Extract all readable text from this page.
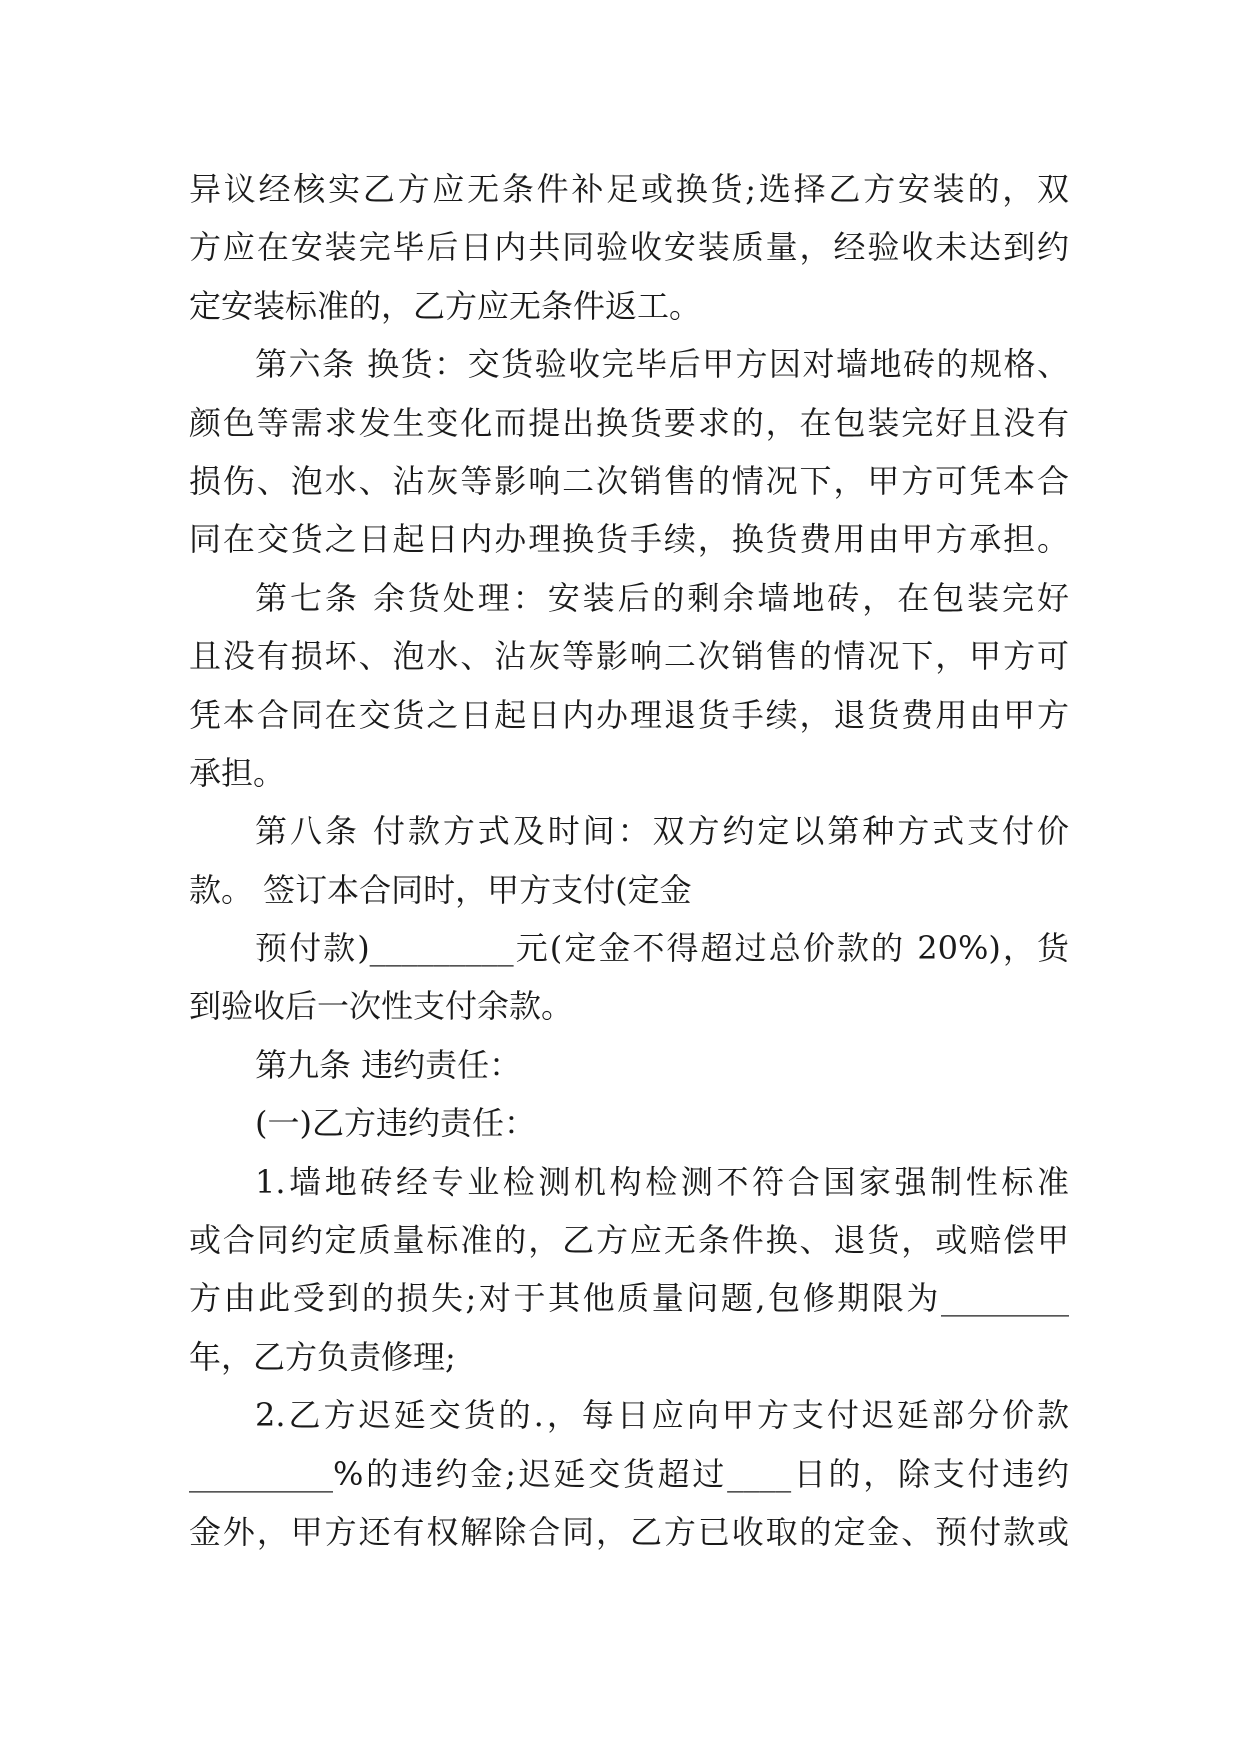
异议经核实乙方应无条件补足或换货;选择乙方安装的，双
方应在安装完毕后日内共同验收安装质量，经验收未达到约
定安装标准的，乙方应无条件返工。
第六条 换货：交货验收完毕后甲方因对墙地砖的规格、
颜色等需求发生变化而提出换货要求的，在包装完好且没有
损伤、泡水、沾灰等影响二次销售的情况下，甲方可凭本合
同在交货之日起日内办理换货手续，换货费用由甲方承担。
第七条 余货处理：安装后的剩余墙地砖，在包装完好
且没有损坏、泡水、沾灰等影响二次销售的情况下，甲方可
凭本合同在交货之日起日内办理退货手续，退货费用由甲方
承担。
第八条 付款方式及时间：双方约定以第种方式支付价
款。 签订本合同时，甲方支付(定金
预付款)_________元(定金不得超过总价款的 20%)，货
到验收后一次性支付余款。
第九条 违约责任：
(一)乙方违约责任：
1.墙地砖经专业检测机构检测不符合国家强制性标准
或合同约定质量标准的，乙方应无条件换、退货，或赔偿甲
方由此受到的损失;对于其他质量问题,包修期限为________
年，乙方负责修理;
2.乙方迟延交货的.，每日应向甲方支付迟延部分价款
_________%的违约金;迟延交货超过____日的，除支付违约
金外，甲方还有权解除合同，乙方已收取的定金、预付款或
